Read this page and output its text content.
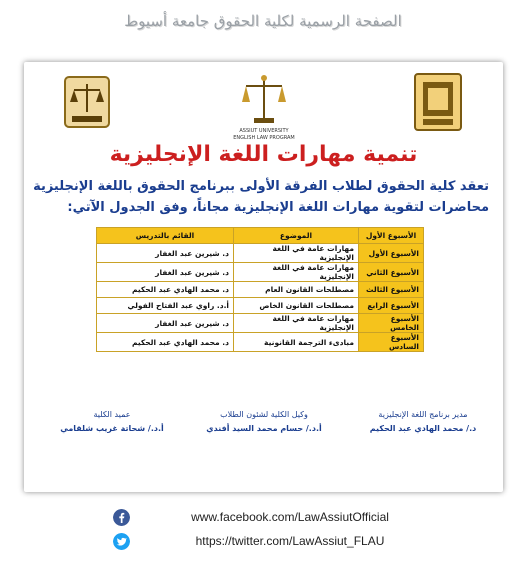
الصفحة الرسمية لكلية الحقوق جامعة أسيوط
ASSIUT UNIVERSITY
ENGLISH LAW PROGRAM
تنمية مهارات اللغة الإنجليزية
تعقد كلية الحقوق لطلاب الفرقة الأولى ببرنامج الحقوق باللغة الإنجليزية
محاضرات لتقوية مهارات اللغة الإنجليزية مجاناً، وفق الجدول الآتي:
الأسبوع الأول	الموضوع	القائم بالتدريس
الأسبوع الأول	مهارات عامة في اللغة الإنجليزية	د. شيرين عبد الغفار
الأسبوع الثاني	مهارات عامة في اللغة الإنجليزية	د. شيرين عبد الغفار
الأسبوع الثالث	مصطلحات القانون العام	د. محمد الهادي عبد الحكيم
الأسبوع الرابع	مصطلحات القانون الخاص	أ.د. راوي عبد الفتاح الفولي
الأسبوع الخامس	مهارات عامة في اللغة الإنجليزية	د. شيرين عبد الغفار
الأسبوع السادس	مبادىء الترجمة القانونية	د. محمد الهادي عبد الحكيم
مدير برنامج اللغة الإنجليزية
د./ محمد الهادي عبد الحكيم
وكيل الكلية لشئون الطلاب
أ.د./ حسام محمد السيد أفندي
عميد الكلية
أ.د./ شحاتة غريب شلقامي
www.facebook.com/LawAssiutOfficial
https://twitter.com/LawAssiut_FLAU
